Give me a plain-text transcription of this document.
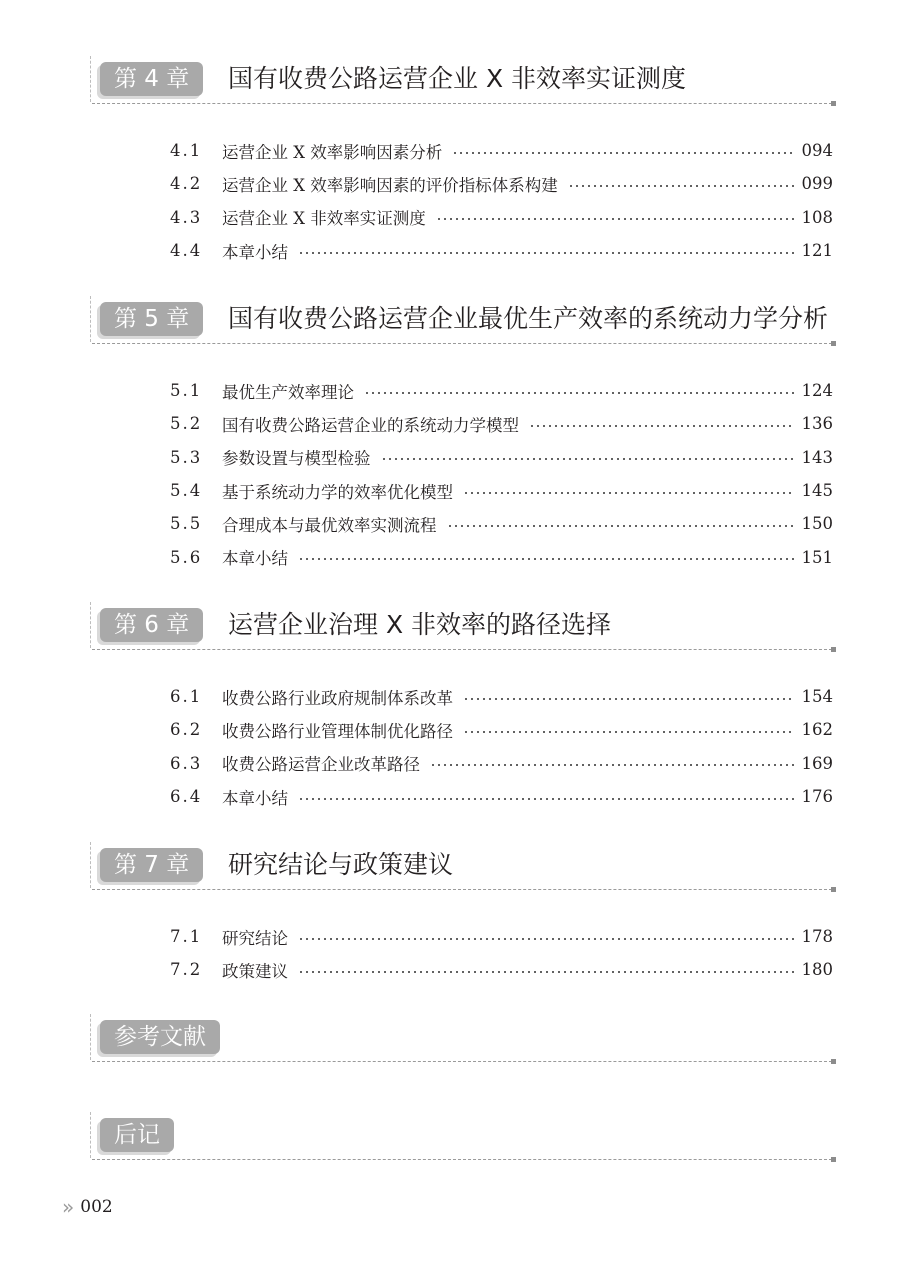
第 4 章	国有收费公路运营企业 X 非效率实证测度
4.1	运营企业 X 效率影响因素分析	094
4.2	运营企业 X 效率影响因素的评价指标体系构建	099
4.3	运营企业 X 非效率实证测度	108
4.4	本章小结	121
第 5 章	国有收费公路运营企业最优生产效率的系统动力学分析
5.1	最优生产效率理论	124
5.2	国有收费公路运营企业的系统动力学模型	136
5.3	参数设置与模型检验	143
5.4	基于系统动力学的效率优化模型	145
5.5	合理成本与最优效率实测流程	150
5.6	本章小结	151
第 6 章	运营企业治理 X 非效率的路径选择
6.1	收费公路行业政府规制体系改革	154
6.2	收费公路行业管理体制优化路径	162
6.3	收费公路运营企业改革路径	169
6.4	本章小结	176
第 7 章	研究结论与政策建议
7.1	研究结论	178
7.2	政策建议	180
参考文献
后记
» 002
